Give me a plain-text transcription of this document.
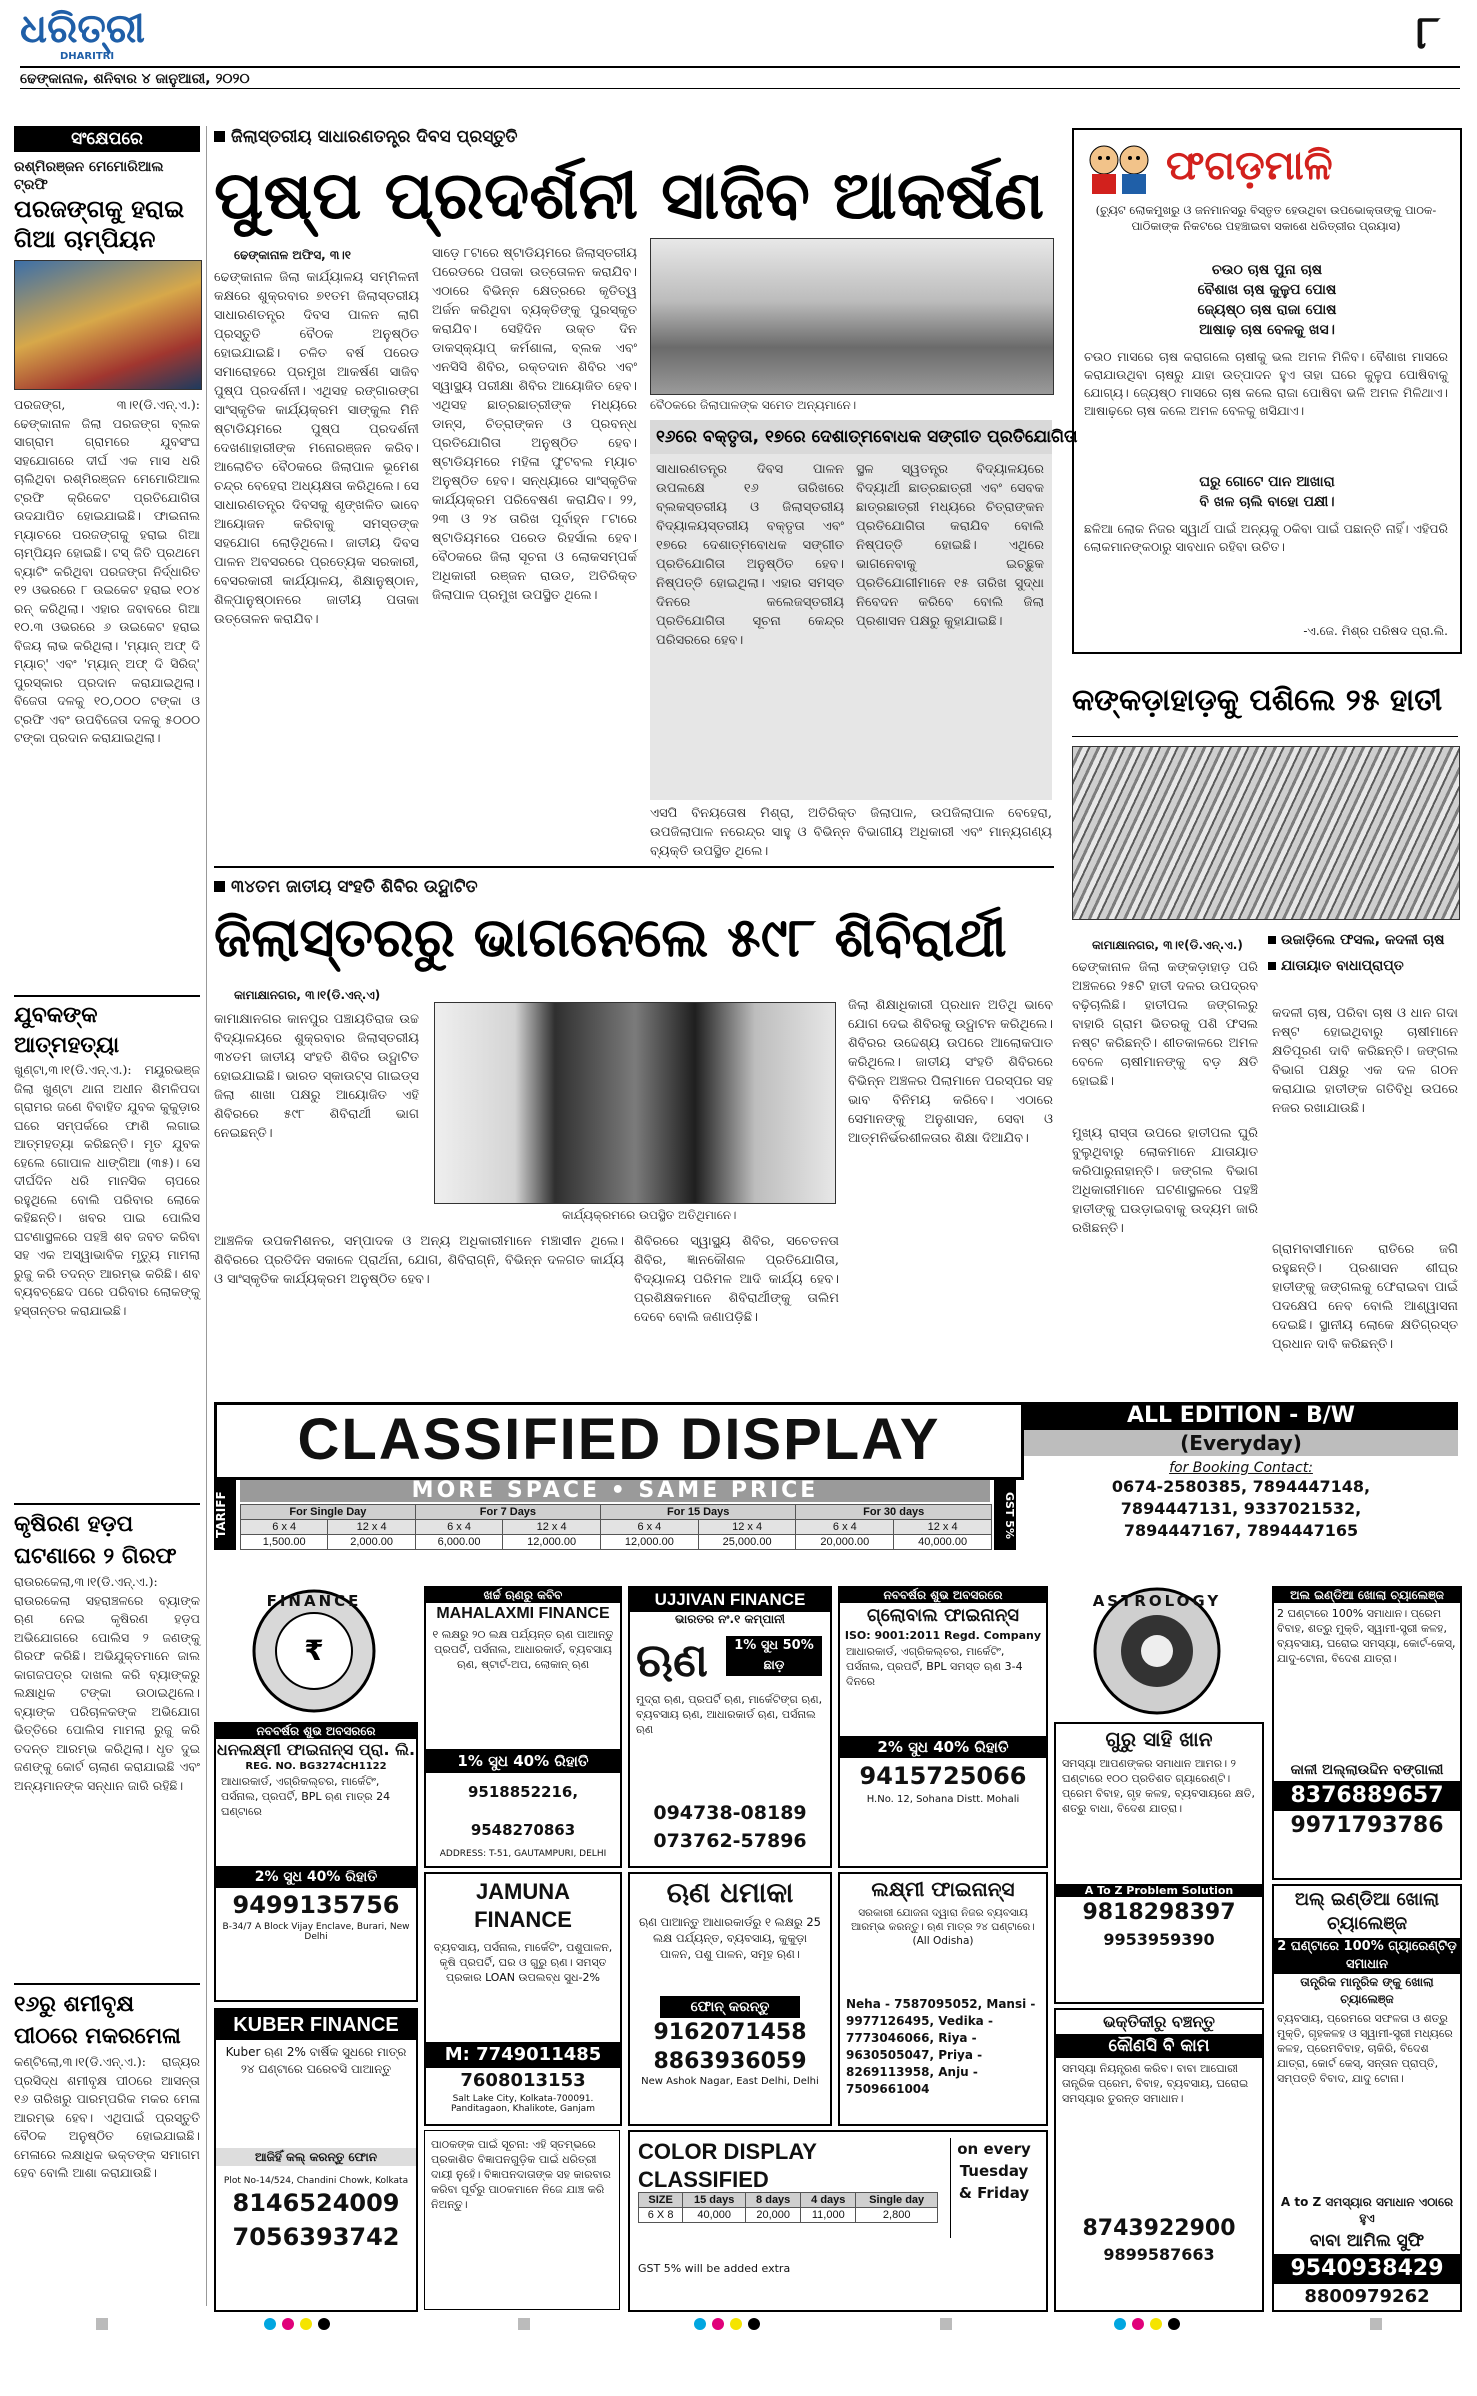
ଧରିତ୍ରୀ
DHARITRI	୮
ଢେଙ୍କାନାଳ, ଶନିବାର ୪ ଜାନୁଆରୀ, ୨୦୨୦
ସଂକ୍ଷେପରେ
ରଶ୍ମିରଞ୍ଜନ ମେମୋରିଆଲ ଟ୍ରଫି
ପରଜଙ୍ଗକୁ ହରାଇ ଗିଆ ଚାମ୍ପିୟନ
ପରଜଙ୍ଗ, ୩।୧(ଡି.ଏନ୍.ଏ.): ଢେଙ୍କାନାଳ ଜିଲା ପରଜଙ୍ଗ ବ୍ଲକ ସାଗ୍ରାମ ଗ୍ରାମରେ ଯୁବସଂଘ ସହଯୋଗରେ ଦୀର୍ଘ ଏକ ମାସ ଧରି ଚାଲିଥିବା ରଶ୍ମିରଞ୍ଜନ ମେମୋରିଆଲ ଟ୍ରଫି କ୍ରିକେଟ ପ୍ରତିଯୋଗିତା ଉଦଯାପିତ ହୋଇଯାଇଛି। ଫାଇନାଲ ମ୍ୟାଚରେ ପରଜଙ୍ଗକୁ ହରାଇ ଗିଆ ଚାମ୍ପିୟନ ହୋଇଛି। ଟସ୍ ଜିତି ପ୍ରଥମେ ବ୍ୟାଟିଂ କରିଥିବା ପରଜଙ୍ଗ ନିର୍ଦ୍ଧାରିତ ୧୨ ଓଭରରେ ୮ ଉଇକେଟ ହରାଇ ୧୦୪ ରନ୍ କରିଥିଲା। ଏହାର ଜବାବରେ ଗିଆ ୧୦.୩ ଓଭରରେ ୬ ଉଇକେଟ ହରାଇ ବିଜୟ ଲାଭ କରିଥିଲା। 'ମ୍ୟାନ୍ ଅଫ୍ ଦି ମ୍ୟାଚ୍' ଏବଂ 'ମ୍ୟାନ୍ ଅଫ୍ ଦି ସିରିଜ୍' ପୁରସ୍କାର ପ୍ରଦାନ କରାଯାଇଥିଲା। ବିଜେତା ଦଳକୁ ୧୦,୦୦୦ ଟଙ୍କା ଓ ଟ୍ରଫି ଏବଂ ଉପବିଜେତା ଦଳକୁ ୫୦୦୦ ଟଙ୍କା ପ୍ରଦାନ କରାଯାଇଥିଲା।
ଯୁବକଙ୍କ ଆତ୍ମହତ୍ୟା
ଖୁଣ୍ଟା,୩।୧(ଡି.ଏନ୍.ଏ.): ମୟୂରଭଞ୍ଜ ଜିଲା ଖୁଣ୍ଟା ଥାନା ଅଧୀନ ଶିମଳିପଦା ଗ୍ରାମର ଜଣେ ବିବାହିତ ଯୁବକ କୁକୁଡ଼ାର ଘରେ ସମ୍ପର୍କରେ ଫାଶି ଲଗାଇ ଆତ୍ମହତ୍ୟା କରିଛନ୍ତି। ମୃତ ଯୁବକ ହେଲେ ଗୋପାଳ ଧାଙ୍ଗିଆ (୩୫)। ସେ ଦୀର୍ଘଦିନ ଧରି ମାନସିକ ଚାପରେ ରହୁଥିଲେ ବୋଲି ପରିବାର ଲୋକେ କହିଛନ୍ତି। ଖବର ପାଇ ପୋଲିସ ଘଟଣାସ୍ଥଳରେ ପହଞ୍ଚି ଶବ ଜବତ କରିବା ସହ ଏକ ଅସ୍ୱାଭାବିକ ମୃତ୍ୟୁ ମାମଲା ରୁଜୁ କରି ତଦନ୍ତ ଆରମ୍ଭ କରିଛି। ଶବ ବ୍ୟବଚ୍ଛେଦ ପରେ ପରିବାର ଲୋକଙ୍କୁ ହସ୍ତାନ୍ତର କରାଯାଇଛି।
କୃଷିରଣ ହଡ଼ପ ଘଟଣାରେ ୨ ଗିରଫ
ରାଉରକେଲା,୩।୧(ଡି.ଏନ୍.ଏ.): ରାଉରକେଲା ସହରାଞ୍ଚଳରେ ବ୍ୟାଙ୍କ ଋଣ ନେଇ କୃଷିରଣ ହଡ଼ପ ଅଭିଯୋଗରେ ପୋଲିସ ୨ ଜଣଙ୍କୁ ଗିରଫ କରିଛି। ଅଭିଯୁକ୍ତମାନେ ଜାଲ କାଗଜପତ୍ର ଦାଖଲ କରି ବ୍ୟାଙ୍କରୁ ଲକ୍ଷାଧିକ ଟଙ୍କା ଉଠାଇଥିଲେ। ବ୍ୟାଙ୍କ ପରିଚାଳକଙ୍କ ଅଭିଯୋଗ ଭିତ୍ତିରେ ପୋଲିସ ମାମଲା ରୁଜୁ କରି ତଦନ୍ତ ଆରମ୍ଭ କରିଥିଲା। ଧୃତ ଦୁଇ ଜଣଙ୍କୁ କୋର୍ଟ ଚାଲାଣ କରାଯାଇଛି ଏବଂ ଅନ୍ୟମାନଙ୍କ ସନ୍ଧାନ ଜାରି ରହିଛି।
୧୬ରୁ ଶମୀବୃକ୍ଷ ପୀଠରେ ମକରମେଳା
କଣ୍ଟିଲୋ,୩।୧(ଡି.ଏନ୍.ଏ.): ରାଜ୍ୟର ପ୍ରସିଦ୍ଧ ଶମୀବୃକ୍ଷ ପୀଠରେ ଆସନ୍ତା ୧୬ ତାରିଖରୁ ପାରମ୍ପରିକ ମକର ମେଳା ଆରମ୍ଭ ହେବ। ଏଥିପାଇଁ ପ୍ରସ୍ତୁତି ବୈଠକ ଅନୁଷ୍ଠିତ ହୋଇଯାଇଛି। ମେଳାରେ ଲକ୍ଷାଧିକ ଭକ୍ତଙ୍କ ସମାଗମ ହେବ ବୋଲି ଆଶା କରାଯାଉଛି।
ଜିଲାସ୍ତରୀୟ ସାଧାରଣତନ୍ତ୍ର ଦିବସ ପ୍ରସ୍ତୁତି
ପୁଷ୍ପ ପ୍ରଦର୍ଶନୀ ସାଜିବ ଆକର୍ଷଣ
ଢେଙ୍କାନାଳ ଅଫିସ, ୩।୧
ଢେଙ୍କାନାଳ ଜିଲା କାର୍ଯ୍ୟାଳୟ ସମ୍ମିଳନୀ କକ୍ଷରେ ଶୁକ୍ରବାର ୭୧ତମ ଜିଲାସ୍ତରୀୟ ସାଧାରଣତନ୍ତ୍ର ଦିବସ ପାଳନ ଲାଗି ପ୍ରସ୍ତୁତି ବୈଠକ ଅନୁଷ୍ଠିତ ହୋଇଯାଇଛି। ଚଳିତ ବର୍ଷ ପରେଡ ସମାରୋହରେ ପ୍ରମୁଖ ଆକର୍ଷଣ ସାଜିବ ପୁଷ୍ପ ପ୍ରଦର୍ଶନୀ। ଏଥିସହ ରଙ୍ଗାରଙ୍ଗ ସାଂସ୍କୃତିକ କାର୍ଯ୍ୟକ୍ରମ ସାଙ୍କୁଲ ମିନି ଷ୍ଟାଡିୟମରେ ପୁଷ୍ପ ପ୍ରଦର୍ଶନୀ ଦେଖଣାହାରୀଙ୍କ ମନୋରଞ୍ଜନ କରିବ। ଆଲୋଚିତ ବୈଠକରେ ଜିଲାପାଳ ଭୂମେଶ ଚନ୍ଦ୍ର ବେହେରା ଅଧ୍ୟକ୍ଷତା କରିଥିଲେ। ସେ ସାଧାରଣତନ୍ତ୍ର ଦିବସକୁ ଶୃଙ୍ଖଳିତ ଭାବେ ଆୟୋଜନ କରିବାକୁ ସମସ୍ତଙ୍କ ସହଯୋଗ ଲୋଡ଼ିଥିଲେ। ଜାତୀୟ ଦିବସ ପାଳନ ଅବସରରେ ପ୍ରତ୍ୟେକ ସରକାରୀ, ବେସରକାରୀ କାର୍ଯ୍ୟାଳୟ, ଶିକ୍ଷାନୁଷ୍ଠାନ, ଶିଳ୍ପାନୁଷ୍ଠାନରେ ଜାତୀୟ ପତାକା ଉତ୍ତୋଳନ କରାଯିବ।
ସାଡ଼େ ୮ଟାରେ ଷ୍ଟାଡିୟମରେ ଜିଲାସ୍ତରୀୟ ପରେଡରେ ପତାକା ଉତ୍ତୋଳନ କରାଯିବ। ଏଠାରେ ବିଭିନ୍ନ କ୍ଷେତ୍ରରେ କୃତିତ୍ୱ ଅର୍ଜନ କରିଥିବା ବ୍ୟକ୍ତିଙ୍କୁ ପୁରସ୍କୃତ କରାଯିବ। ସେହିଦିନ ଉକ୍ତ ଦିନ ଡାକସ୍କ୍ୟାପ୍ କର୍ମଶାଳା, ବ୍ଲକ ଏବଂ ଏନସିସି ଶିବିର, ରକ୍ତଦାନ ଶିବିର ଏବଂ ସ୍ୱାସ୍ଥ୍ୟ ପରୀକ୍ଷା ଶିବିର ଆୟୋଜିତ ହେବ। ଏଥିସହ ଛାତ୍ରଛାତ୍ରୀଙ୍କ ମଧ୍ୟରେ ଡାନ୍ସ, ଚିତ୍ରାଙ୍କନ ଓ ପ୍ରବନ୍ଧ ପ୍ରତିଯୋଗିତା ଅନୁଷ୍ଠିତ ହେବ। ଷ୍ଟାଡିୟମରେ ମହିଳା ଫୁଟବଲ ମ୍ୟାଚ ଅନୁଷ୍ଠିତ ହେବ। ସନ୍ଧ୍ୟାରେ ସାଂସ୍କୃତିକ କାର୍ଯ୍ୟକ୍ରମ ପରିବେଷଣ କରାଯିବ। ୨୨, ୨୩ ଓ ୨୪ ତାରିଖ ପୂର୍ବାହ୍ନ ୮ଟାରେ ଷ୍ଟାଡିୟମରେ ପରେଡ ରିହର୍ସାଲ ହେବ। ବୈଠକରେ ଜିଲା ସୂଚନା ଓ ଲୋକସମ୍ପର୍କ ଅଧିକାରୀ ରଞ୍ଜନ ରାଉତ, ଅତିରିକ୍ତ ଜିଲାପାଳ ପ୍ରମୁଖ ଉପସ୍ଥିତ ଥିଲେ।
ବୈଠକରେ ଜିଲାପାଳଙ୍କ ସମେତ ଅନ୍ୟମାନେ।
୧୬ରେ ବକ୍ତୃତା, ୧୭ରେ ଦେଶାତ୍ମବୋଧକ ସଙ୍ଗୀତ ପ୍ରତିଯୋଗିତା
ସାଧାରଣତନ୍ତ୍ର ଦିବସ ପାଳନ ଉପଲକ୍ଷେ ୧୬ ତାରିଖରେ ବ୍ଲକସ୍ତରୀୟ ଓ ଜିଲାସ୍ତରୀୟ ବିଦ୍ୟାଳୟସ୍ତରୀୟ ବକ୍ତୃତା ଏବଂ ୧୭ରେ ଦେଶାତ୍ମବୋଧକ ସଙ୍ଗୀତ ପ୍ରତିଯୋଗିତା ଅନୁଷ୍ଠିତ ହେବ। ନିଷ୍ପତ୍ତି ହୋଇଥିଲା। ଏହାର ସମସ୍ତ ଦିନରେ କଲେଜସ୍ତରୀୟ ପ୍ରତିଯୋଗିତା ସୂଚନା କେନ୍ଦ୍ର ପରିସରରେ ହେବ।
ସ୍ଥଳ ସ୍ୱତନ୍ତ୍ର ବିଦ୍ୟାଳୟରେ ବିଦ୍ୟାର୍ଥୀ ଛାତ୍ରଛାତ୍ରୀ ଏବଂ ସେବକ ଛାତ୍ରଛାତ୍ରୀ ମଧ୍ୟରେ ଚିତ୍ରାଙ୍କନ ପ୍ରତିଯୋଗିତା କରାଯିବ ବୋଲି ନିଷ୍ପତ୍ତି ହୋଇଛି। ଏଥିରେ ଭାଗନେବାକୁ ଇଚ୍ଛୁକ ପ୍ରତିଯୋଗୀମାନେ ୧୫ ତାରିଖ ସୁଦ୍ଧା ନିବେଦନ କରିବେ ବୋଲି ଜିଲା ପ୍ରଶାସନ ପକ୍ଷରୁ କୁହାଯାଇଛି।
ଏସପି ବିନୟତୋଷ ମିଶ୍ରା, ଅତିରିକ୍ତ ଜିଲାପାଳ, ଉପଜିଲାପାଳ ବେହେରା, ଉପଜିଲାପାଳ ନରେନ୍ଦ୍ର ସାହୁ ଓ ବିଭିନ୍ନ ବିଭାଗୀୟ ଅଧିକାରୀ ଏବଂ ମାନ୍ୟଗଣ୍ୟ ବ୍ୟକ୍ତି ଉପସ୍ଥିତ ଥିଲେ।
ଫଗଡ଼ମାଳି
(ଚ୍ୟୁଟ ଲୋକମୁଖରୁ ଓ ଜନମାନସରୁ ବିସ୍ତୃତ ହେଉଥିବା ଉପଭୋକ୍ତାଙ୍କୁ ପାଠକ-ପାଠିକାଙ୍କ ନିକଟରେ ପହଞ୍ଚାଇବା ସକାଶେ ଧରିତ୍ରୀର ପ୍ରୟାସ)
ଚଉଠ ଚାଷ ପୁନା ଚାଷ
ବୈଶାଖ ଚାଷ କୁଳୁପ ପୋଷ
ଜ୍ୟେଷ୍ଠ ଚାଷ ରାଜା ପୋଷ
ଆଷାଢ଼ ଚାଷ ବେଳକୁ ଖସ।
ଚଉଠ ମାସରେ ଚାଷ କରାଗଲେ ଚାଷୀକୁ ଭଲ ଅମଳ ମିଳିବ। ବୈଶାଖ ମାସରେ କରାଯାଉଥିବା ଚାଷରୁ ଯାହା ଉତ୍ପାଦନ ହୁଏ ତାହା ଘରେ କୁଳୁପ ପୋଷିବାକୁ ଯୋଗ୍ୟ। ଜ୍ୟେଷ୍ଠ ମାସରେ ଚାଷ କଲେ ରାଜା ପୋଷିବା ଭଳି ଅମଳ ମିଳିଥାଏ। ଆଷାଢ଼ରେ ଚାଷ କଲେ ଅମଳ ବେଳକୁ ଖସିଯାଏ।
ଘରୁ ଗୋଟେ ପାନ ଆଖାରା
ବି ଖଳ ଚାଲି ବାହୋ ପକ୍ଷୀ।
ଛଳିଆ ଲୋକ ନିଜର ସ୍ୱାର୍ଥ ପାଇଁ ଅନ୍ୟକୁ ଠକିବା ପାଇଁ ପଛାନ୍ତି ନାହିଁ। ଏହିପରି ଲୋକମାନଙ୍କଠାରୁ ସାବଧାନ ରହିବା ଉଚିତ।
-ଏ.ଜେ. ମିଶ୍ର ପରିଷଦ ପ୍ରା.ଲି.
କଙ୍କଡ଼ାହାଡ଼କୁ ପଶିଲେ ୨୫ ହାତୀ
କାମାକ୍ଷାନଗର, ୩।୧(ଡି.ଏନ୍.ଏ.)	ଉଜାଡ଼ିଲେ ଫସଲ, କଦଳୀ ଚାଷ
ଯାତାୟାତ ବାଧାପ୍ରାପ୍ତ
ଢେଙ୍କାନାଳ ଜିଲା କଙ୍କଡ଼ାହାଡ଼ ପରି ଅଞ୍ଚଳରେ ୨୫ଟି ହାତୀ ଦଳର ଉପଦ୍ରବ ବଢ଼ିଚାଲିଛି। ହାତୀପଲ ଜଙ୍ଗଲରୁ ବାହାରି ଗ୍ରାମ ଭିତରକୁ ପଶି ଫସଲ ନଷ୍ଟ କରିଛନ୍ତି। ଶୀତକାଳରେ ଅମଳ ବେଳେ ଚାଷୀମାନଙ୍କୁ ବଡ଼ କ୍ଷତି ହୋଇଛି।
ମୁଖ୍ୟ ରାସ୍ତା ଉପରେ ହାତୀପଲ ଘୁରି ବୁଲୁଥିବାରୁ ଲୋକମାନେ ଯାତାୟାତ କରିପାରୁନାହାନ୍ତି। ଜଙ୍ଗଲ ବିଭାଗ ଅଧିକାରୀମାନେ ଘଟଣାସ୍ଥଳରେ ପହଞ୍ଚି ହାତୀଙ୍କୁ ଘଉଡ଼ାଇବାକୁ ଉଦ୍ୟମ ଜାରି ରଖିଛନ୍ତି।
କଦଳୀ ଚାଷ, ପରିବା ଚାଷ ଓ ଧାନ ଗଦା ନଷ୍ଟ ହୋଇଥିବାରୁ ଚାଷୀମାନେ କ୍ଷତିପୂରଣ ଦାବି କରିଛନ୍ତି। ଜଙ୍ଗଲ ବିଭାଗ ପକ୍ଷରୁ ଏକ ଦଳ ଗଠନ କରାଯାଇ ହାତୀଙ୍କ ଗତିବିଧି ଉପରେ ନଜର ରଖାଯାଉଛି।
ଗ୍ରାମବାସୀମାନେ ରାତିରେ ଜଗି ରହୁଛନ୍ତି। ପ୍ରଶାସନ ଶୀଘ୍ର ହାତୀଙ୍କୁ ଜଙ୍ଗଲକୁ ଫେରାଇବା ପାଇଁ ପଦକ୍ଷେପ ନେବ ବୋଲି ଆଶ୍ୱାସନା ଦେଇଛି। ସ୍ଥାନୀୟ ଲୋକେ କ୍ଷତିଗ୍ରସ୍ତ ପ୍ରଧାନ ଦାବି କରିଛନ୍ତି।
୩୪ତମ ଜାତୀୟ ସଂହତି ଶିବିର ଉଦ୍ଘାଟିତ
ଜିଲାସ୍ତରରୁ ଭାଗନେଲେ ୫୯୮ ଶିବିରାର୍ଥୀ
କାମାକ୍ଷାନଗର, ୩।୧(ଡି.ଏନ୍.ଏ)
କାମାକ୍ଷାନଗର କାନପୁର ପଞ୍ଚାୟତିରାଜ ଉଚ୍ଚ ବିଦ୍ୟାଳୟରେ ଶୁକ୍ରବାର ଜିଲାସ୍ତରୀୟ ୩୪ତମ ଜାତୀୟ ସଂହତି ଶିବିର ଉଦ୍ଘାଟିତ ହୋଇଯାଇଛି। ଭାରତ ସ୍କାଉଟ୍ସ ଗାଇଡ୍ସ ଜିଲା ଶାଖା ପକ୍ଷରୁ ଆୟୋଜିତ ଏହି ଶିବିରରେ ୫୯୮ ଶିବିରାର୍ଥୀ ଭାଗ ନେଇଛନ୍ତି।
କାର୍ଯ୍ୟକ୍ରମରେ ଉପସ୍ଥିତ ଅତିଥିମାନେ।
ଜିଲା ଶିକ୍ଷାଧିକାରୀ ପ୍ରଧାନ ଅତିଥି ଭାବେ ଯୋଗ ଦେଇ ଶିବିରକୁ ଉଦ୍ଘାଟନ କରିଥିଲେ। ଶିବିରର ଉଦ୍ଦେଶ୍ୟ ଉପରେ ଆଲୋକପାତ କରିଥିଲେ। ଜାତୀୟ ସଂହତି ଶିବିରରେ ବିଭିନ୍ନ ଅଞ୍ଚଳର ପିଲାମାନେ ପରସ୍ପର ସହ ଭାବ ବିନିମୟ କରିବେ। ଏଠାରେ ସେମାନଙ୍କୁ ଅନୁଶାସନ, ସେବା ଓ ଆତ୍ମନିର୍ଭରଶୀଳତାର ଶିକ୍ଷା ଦିଆଯିବ।
ଆଞ୍ଚଳିକ ଉପକମିଶନର, ସମ୍ପାଦକ ଓ ଅନ୍ୟ ଅଧିକାରୀମାନେ ମଞ୍ଚାସୀନ ଥିଲେ। ଶିବିରରେ ପ୍ରତିଦିନ ସକାଳେ ପ୍ରାର୍ଥନା, ଯୋଗ, ଶିବିରାଗ୍ନି, ବିଭିନ୍ନ ଦଳଗତ କାର୍ଯ୍ୟ ଓ ସାଂସ୍କୃତିକ କାର୍ଯ୍ୟକ୍ରମ ଅନୁଷ୍ଠିତ ହେବ।
ଶିବିରରେ ସ୍ୱାସ୍ଥ୍ୟ ଶିବିର, ସଚେତନତା ଶିବିର, ଜ୍ଞାନକୌଶଳ ପ୍ରତିଯୋଗିତା, ବିଦ୍ୟାଳୟ ପରିମଳ ଆଦି କାର୍ଯ୍ୟ ହେବ। ପ୍ରଶିକ୍ଷକମାନେ ଶିବିରାର୍ଥୀଙ୍କୁ ତାଲିମ ଦେବେ ବୋଲି ଜଣାପଡ଼ିଛି।
CLASSIFIED DISPLAY
TARIFF
MORE SPACE • SAME PRICE
GST 5%
For Single Day		For 7 Days		For 15 Days		For 30 days	
6 x 4	12 x 4	6 x 4	12 x 4	6 x 4	12 x 4	6 x 4	12 x 4
1,500.00	2,000.00	6,000.00	12,000.00	12,000.00	25,000.00	20,000.00	40,000.00
ALL EDITION - B/W
(Everyday)
for Booking Contact:
0674-2580385, 7894447148,
7894447131, 9337021532,
7894447167, 7894447165
₹
FINANCE	ଖର୍ଚ୍ଚ ଋଣରୁ କବିବ
MAHALAXMI FINANCE
୧ ଲକ୍ଷରୁ ୨୦ ଲକ୍ଷ ପର୍ଯ୍ୟନ୍ତ ଋଣ ପାଆନ୍ତୁ ପ୍ରପର୍ଟି, ପର୍ସନାଲ, ଆଧାରକାର୍ଡ, ବ୍ୟବସାୟ ଋଣ, ଷ୍ଟାର୍ଟ-ଅପ, ଲୋକାନ୍ ଋଣ
1% ସୁଧ 40% ରିହାତି
9518852216, 9548270863
ADDRESS: T-51, GAUTAMPURI, DELHI
UJJIVAN FINANCE
ଭାରତର ନଂ.୧ କମ୍ପାନୀ
ଋଣ	1% ସୁଧ 50% ଛାଡ଼
ମୁଦ୍ରା ଋଣ, ପ୍ରପର୍ଟି ଋଣ, ମାର୍କେଟିଙ୍ଗ ଋଣ, ବ୍ୟବସାୟ ଋଣ, ଆଧାରକାର୍ଡ ଋଣ, ପର୍ସନାଲ ଋଣ
094738-08189
073762-57896
ନବବର୍ଷର ଶୁଭ ଅବସରରେ
ଗ୍ଲୋବାଲ ଫାଇନାନ୍ସ
ISO: 9001:2011 Regd. Company
ଆଧାରକାର୍ଡ, ଏଗ୍ରିକଲ୍ଚର, ମାର୍କେଟିଂ, ପର୍ସନାଲ, ପ୍ରପର୍ଟି, BPL ସମସ୍ତ ଋଣ 3-4 ଦିନରେ
2% ସୁଧ 40% ରିହାତି
9415725066
H.No. 12, Sohana Distt. Mohali
ASTROLOGY	ଅଲ ଇଣ୍ଡିଆ ଖୋଲା ଚ୍ୟାଲେଞ୍ଜ
2 ଘଣ୍ଟାରେ 100% ସମାଧାନ। ପ୍ରେମ ବିବାହ, ଶତ୍ରୁ ମୁକ୍ତି, ସ୍ୱାମୀ-ସ୍ତ୍ରୀ କଳହ, ବ୍ୟବସାୟ, ଘରୋଇ ସମସ୍ୟା, କୋର୍ଟ-କେସ୍, ଯାଦୁ-ଟୋନା, ବିଦେଶ ଯାତ୍ରା।
କାଳୀ ଅଲ୍ଲାଉଦ୍ଦିନ ବଙ୍ଗାଲୀ
8376889657
9971793786
ନବବର୍ଷର ଶୁଭ ଅବସରରେ
ଧନଲକ୍ଷ୍ମୀ ଫାଇନାନ୍ସ ପ୍ରା. ଲି.
REG. NO. BG3274CH1122
ଆଧାରକାର୍ଡ, ଏଗ୍ରିକଲ୍ଚର, ମାର୍କେଟିଂ, ପର୍ସନାଲ, ପ୍ରପର୍ଟି, BPL ଋଣ ମାତ୍ର 24 ଘଣ୍ଟାରେ
2% ସୁଧ 40% ରିହାତି
9499135756
B-34/7 A Block Vijay Enclave, Burari, New Delhi
JAMUNA FINANCE
ବ୍ୟବସାୟ, ପର୍ସନାଲ, ମାର୍କେଟିଂ, ପଶୁପାଳନ, କୃଷି ପ୍ରପର୍ଟି, ଘର ଓ ଗୁରୁ ଋଣ। ସମସ୍ତ ପ୍ରକାର LOAN ଉପଲବ୍ଧ ସୁଧ-2%
M: 7749011485
7608013153
Salt Lake City, Kolkata-700091. Panditagaon, Khalikote, Ganjam
ଋଣ ଧମାକା
ଋଣ ପାଆନ୍ତୁ ଆଧାରକାର୍ଡରୁ ୧ ଲକ୍ଷରୁ 25 ଲକ୍ଷ ପର୍ଯ୍ୟନ୍ତ, ବ୍ୟବସାୟ, କୁକୁଡ଼ା ପାଳନ, ପଶୁ ପାଳନ, ସମୂହ ଋଣ।
ଫୋନ୍ କରନ୍ତୁ
9162071458
8863936059
New Ashok Nagar, East Delhi, Delhi
ଲକ୍ଷ୍ମୀ ଫାଇନାନ୍ସ
ସରକାରୀ ଯୋଜନା ଦ୍ୱାରା ନିଜର ବ୍ୟବସାୟ ଆରମ୍ଭ କରନ୍ତୁ। ଋଣ ମାତ୍ର ୨୪ ଘଣ୍ଟାରେ। (All Odisha)
Neha - 7587095052, Mansi - 9977126495, Vedika - 7773046066, Riya - 9630505047, Priya - 8269113958, Anju - 7509661004
ଗୁରୁ ସାହି ଖାନ
ସମସ୍ୟା ଆପଣଙ୍କର ସମାଧାନ ଆମର। ୨ ଘଣ୍ଟାରେ ୧୦୦ ପ୍ରତିଶତ ଗ୍ୟାରେଣ୍ଟି। ପ୍ରେମ ବିବାହ, ଗୃହ କଳହ, ବ୍ୟବସାୟରେ କ୍ଷତି, ଶତ୍ରୁ ବାଧା, ବିଦେଶ ଯାତ୍ରା।
A To Z Problem Solution
9818298397
9953959390
ଅଲ୍ ଇଣ୍ଡିଆ ଖୋଲା ଚ୍ୟାଲେଞ୍ଜ
2 ଘଣ୍ଟାରେ 100% ଗ୍ୟାରେଣ୍ଟିଡ଼ ସମାଧାନ
ତାନ୍ତ୍ରିକ ମାନ୍ତ୍ରିକ ଙ୍କୁ ଖୋଲା ଚ୍ୟାଲେଞ୍ଜ
ବ୍ୟବସାୟ, ପ୍ରେମରେ ସଫଳତା ଓ ଶତ୍ରୁ ମୁକ୍ତି, ଗୃହକଳହ ଓ ସ୍ୱାମୀ-ସ୍ତ୍ରୀ ମଧ୍ୟରେ କଳହ, ପ୍ରେମବିବାହ, ଚାକିରି, ବିଦେଶ ଯାତ୍ରା, କୋର୍ଟ କେସ୍, ସନ୍ତାନ ପ୍ରାପ୍ତି, ସମ୍ପତ୍ତି ବିବାଦ, ଯାଦୁ ଟୋନା।
A to Z ସମସ୍ୟାର ସମାଧାନ ଏଠାରେ ହୁଏ
ବାବା ଆମିଲ ସୁଫି
9540938429
8800979262
KUBER FINANCE
Kuber ଋଣ 2% ବାର୍ଷିକ ସୁଧରେ ମାତ୍ର ୨୪ ଘଣ୍ଟାରେ ଘରେବସି ପାଆନ୍ତୁ
ଆଜିହିଁ କଲ୍ କରନ୍ତୁ ଫୋନ
Plot No-14/524, Chandini Chowk, Kolkata
8146524009
7056393742
ପାଠକଙ୍କ ପାଇଁ ସୂଚନା: ଏହି ସ୍ତମ୍ଭରେ ପ୍ରକାଶିତ ବିଜ୍ଞାପନଗୁଡ଼ିକ ପାଇଁ ଧରିତ୍ରୀ ଦାୟୀ ନୁହେଁ। ବିଜ୍ଞାପନଦାତାଙ୍କ ସହ କାରବାର କରିବା ପୂର୍ବରୁ ପାଠକମାନେ ନିଜେ ଯାଞ୍ଚ କରି ନିଅନ୍ତୁ।
COLOR DISPLAY CLASSIFIED
on every Tuesday & Friday
SIZE	15 days	8 days	4 days	Single day
6 X 8	40,000	20,000	11,000	2,800
GST 5% will be added extra
ଭକ୍ତିକୀରୁ ବଞ୍ଚନ୍ତୁ
କୌଣସି ବି କାମ
ସମସ୍ୟା ନିୟନ୍ତ୍ରଣ କରିବ। ବାବା ଆଘୋରୀ ତାନ୍ତ୍ରିକ ପ୍ରେମ, ବିବାହ, ବ୍ୟବସାୟ, ଘରୋଇ ସମସ୍ୟାର ତୁରନ୍ତ ସମାଧାନ।
8743922900
9899587663
